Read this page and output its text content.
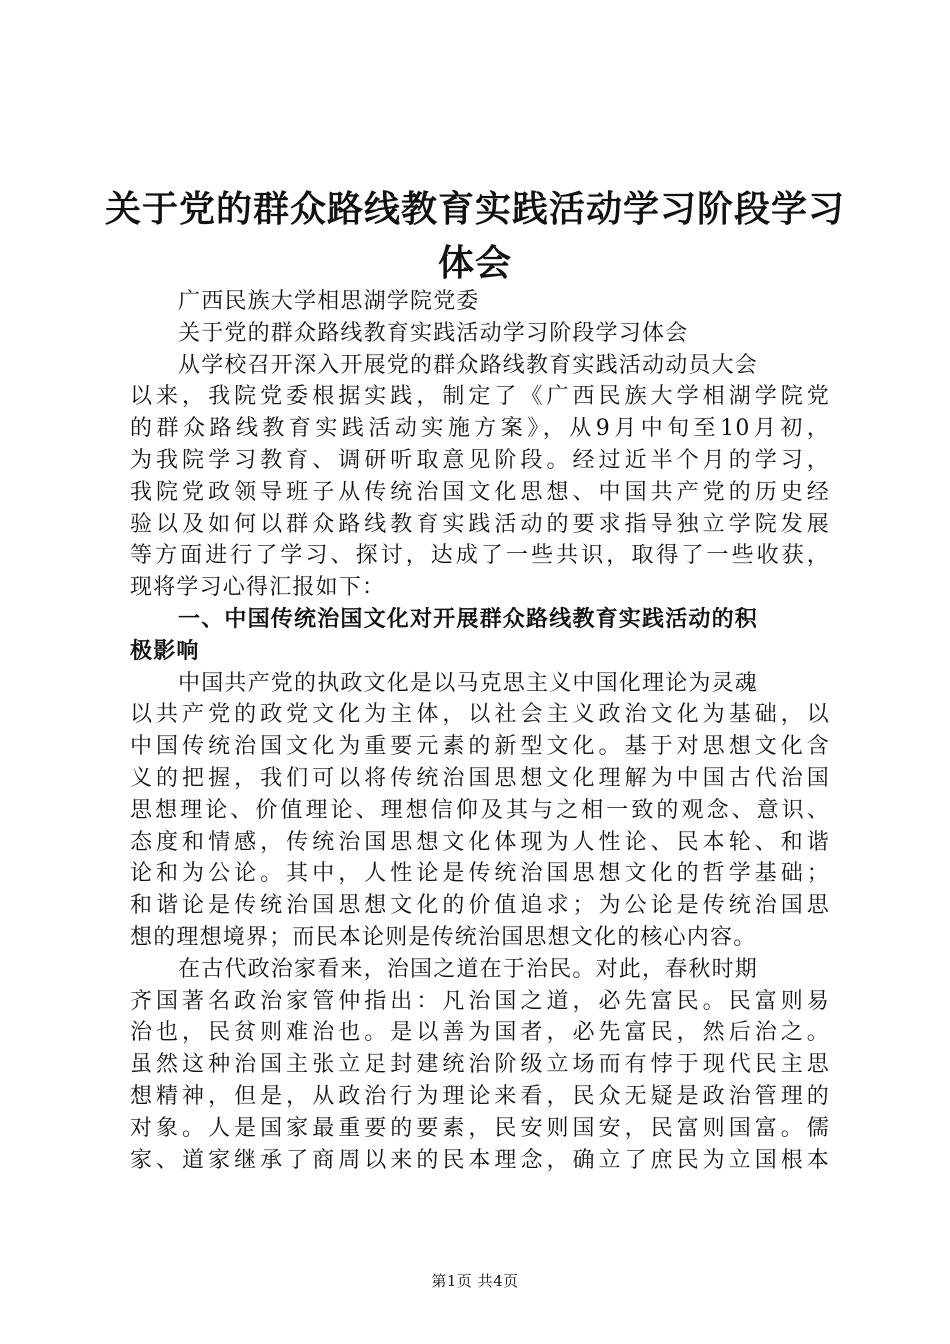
关于党的群众路线教育实践活动学习阶段学习
体会
广西民族大学相思湖学院党委
关于党的群众路线教育实践活动学习阶段学习体会
从学校召开深入开展党的群众路线教育实践活动动员大会
以来，我院党委根据实践，制定了《广西民族大学相湖学院党
的群众路线教育实践活动实施方案》，从9月中旬至10月初，
为我院学习教育、调研听取意见阶段。经过近半个月的学习，
我院党政领导班子从传统治国文化思想、中国共产党的历史经
验以及如何以群众路线教育实践活动的要求指导独立学院发展
等方面进行了学习、探讨，达成了一些共识，取得了一些收获，
现将学习心得汇报如下：
一、中国传统治国文化对开展群众路线教育实践活动的积
极影响
中国共产党的执政文化是以马克思主义中国化理论为灵魂
以共产党的政党文化为主体，以社会主义政治文化为基础，以
中国传统治国文化为重要元素的新型文化。基于对思想文化含
义的把握，我们可以将传统治国思想文化理解为中国古代治国
思想理论、价值理论、理想信仰及其与之相一致的观念、意识、
态度和情感，传统治国思想文化体现为人性论、民本轮、和谐
论和为公论。其中，人性论是传统治国思想文化的哲学基础；
和谐论是传统治国思想文化的价值追求；为公论是传统治国思
想的理想境界；而民本论则是传统治国思想文化的核心内容。
在古代政治家看来，治国之道在于治民。对此，春秋时期
齐国著名政治家管仲指出：凡治国之道，必先富民。民富则易
治也，民贫则难治也。是以善为国者，必先富民，然后治之。
虽然这种治国主张立足封建统治阶级立场而有悖于现代民主思
想精神，但是，从政治行为理论来看，民众无疑是政治管理的
对象。人是国家最重要的要素，民安则国安，民富则国富。儒
家、道家继承了商周以来的民本理念，确立了庶民为立国根本
第1页 共4页
